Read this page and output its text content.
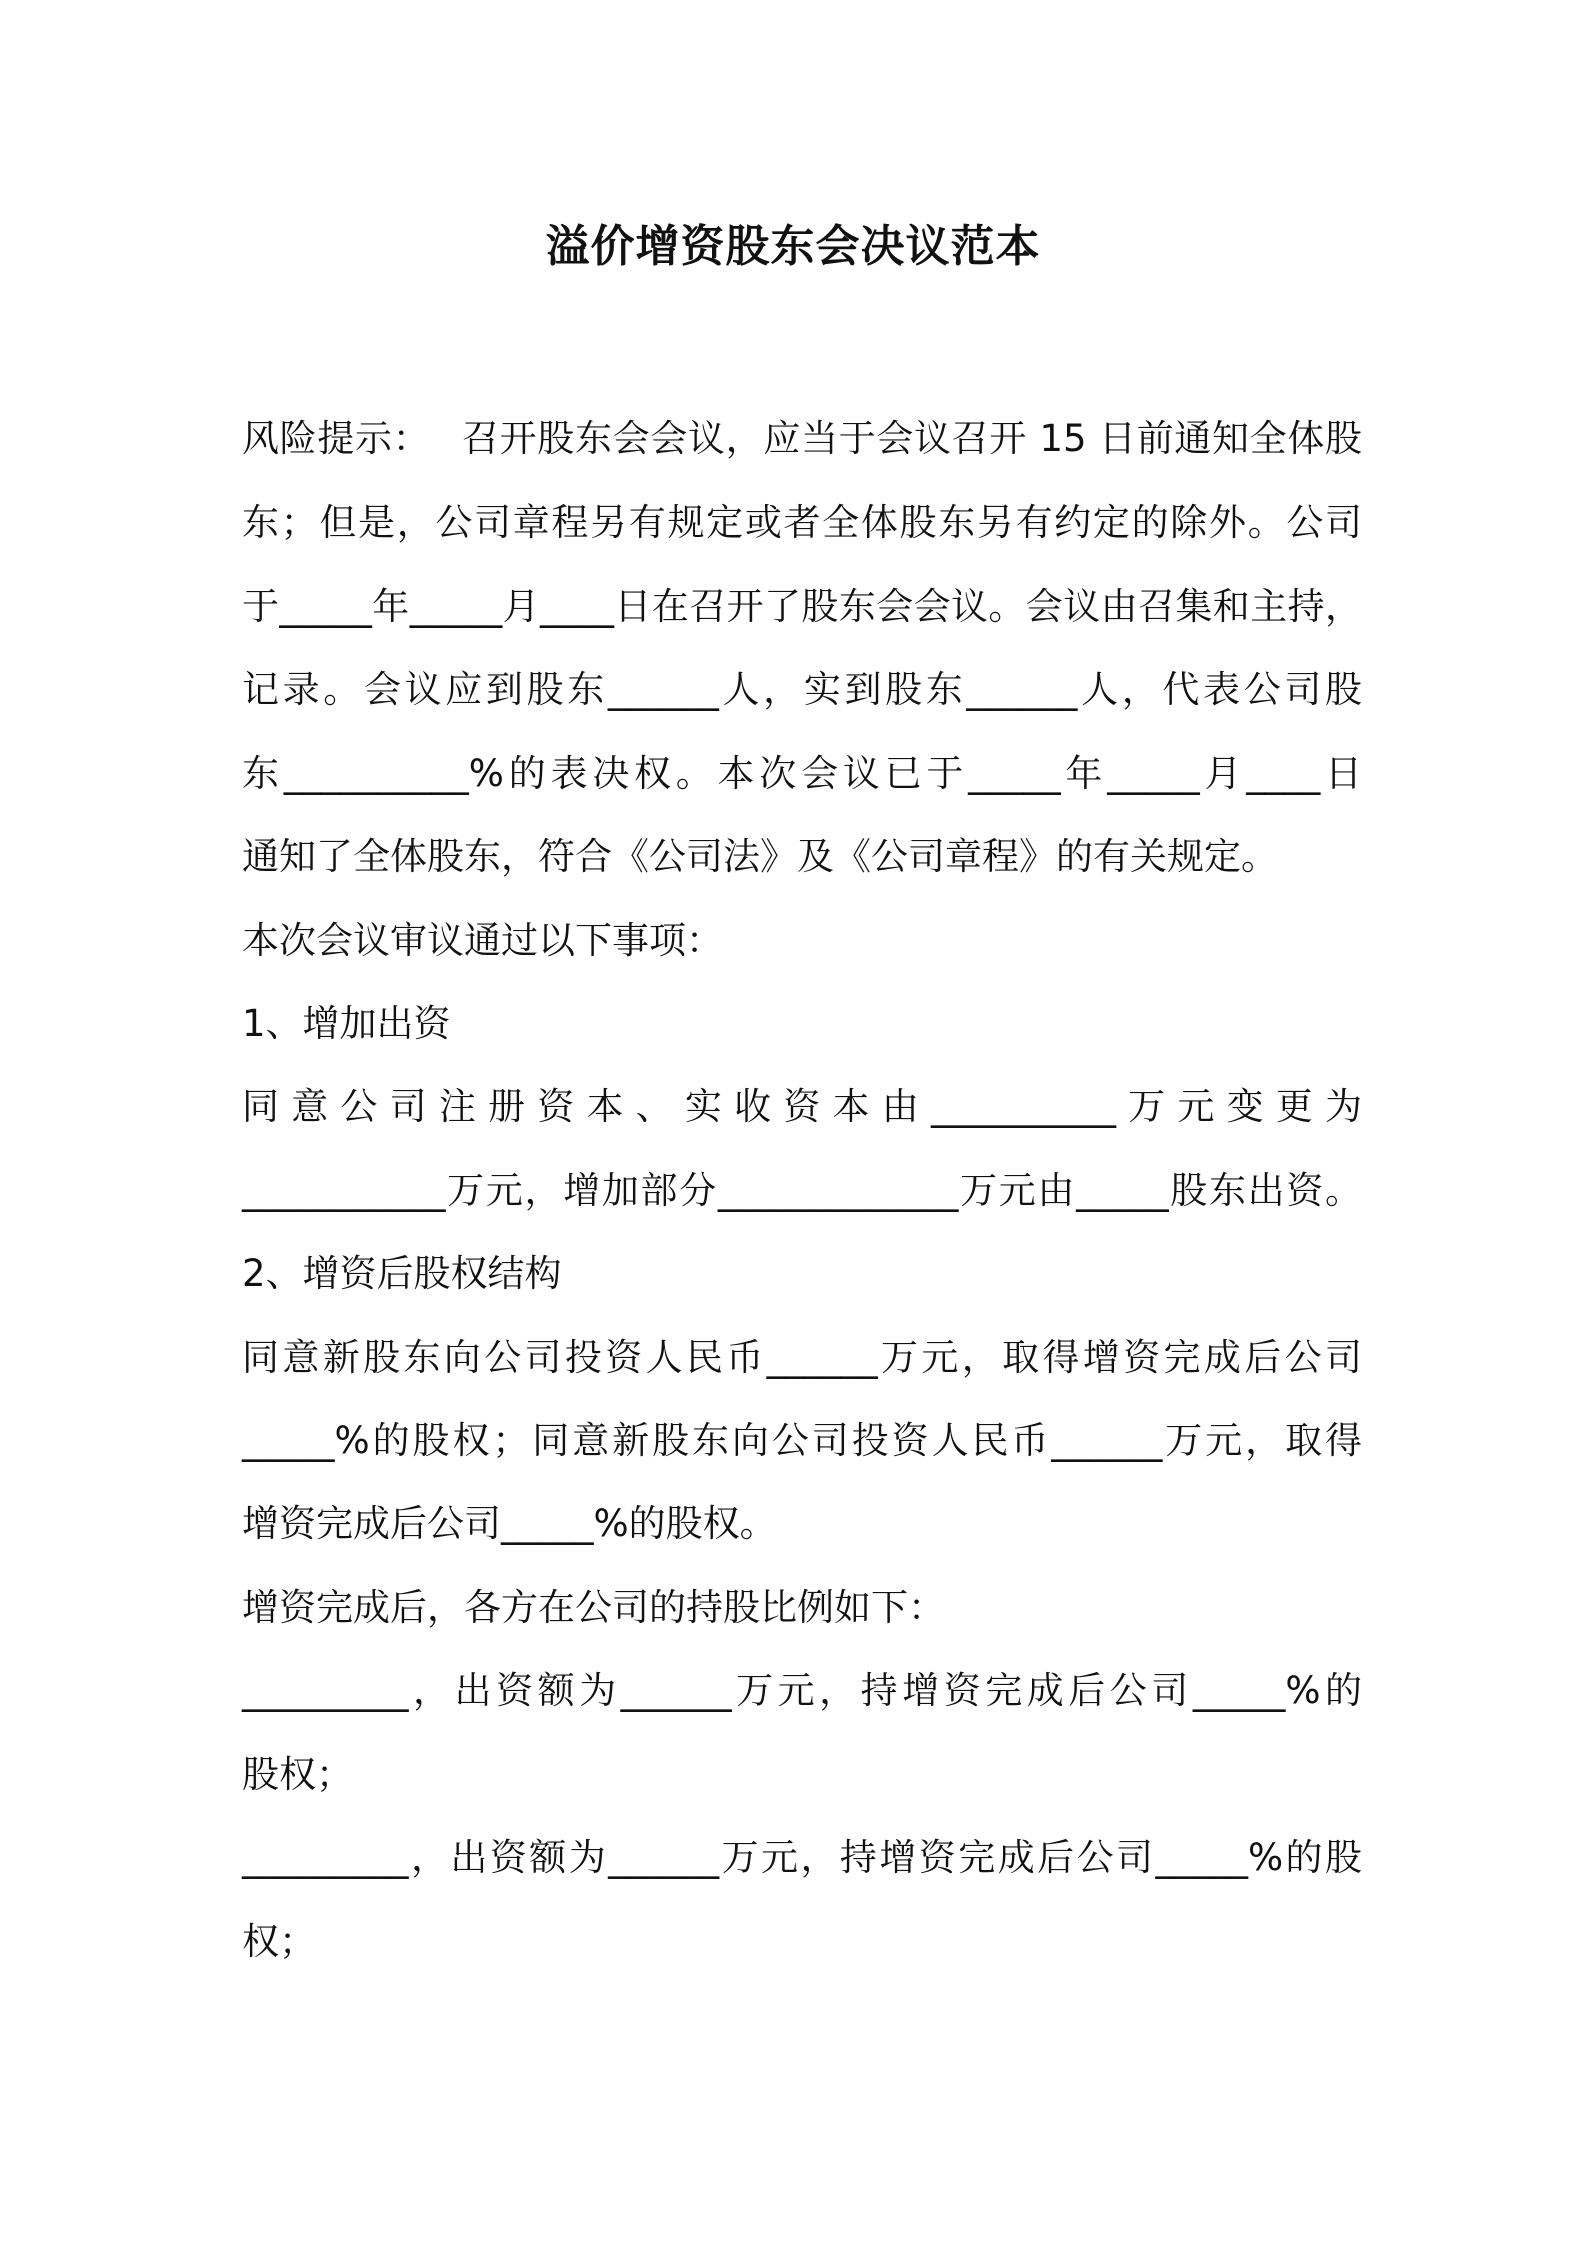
溢价增资股东会决议范本
风险提示：　 召开股东会会议，应当于会议召开 15 日前通知全体股
东；但是，公司章程另有规定或者全体股东另有约定的除外。公司
于_____年_____月____日在召开了股东会会议。会议由召集和主持，
记录。会议应到股东______人，实到股东______人，代表公司股
东__________%的表决权。本次会议已于_____年_____月____日
通知了全体股东，符合《公司法》及《公司章程》的有关规定。
本次会议审议通过以下事项：
1、增加出资
同意公司注册资本、实收资本由__________万元变更为
___________万元，增加部分_____________万元由_____股东出资。
2、增资后股权结构
同意新股东向公司投资人民币______万元，取得增资完成后公司
_____%的股权；同意新股东向公司投资人民币______万元，取得
增资完成后公司_____%的股权。
增资完成后，各方在公司的持股比例如下：
_________，出资额为______万元，持增资完成后公司_____%的
股权；
_________，出资额为______万元，持增资完成后公司_____%的股
权；
